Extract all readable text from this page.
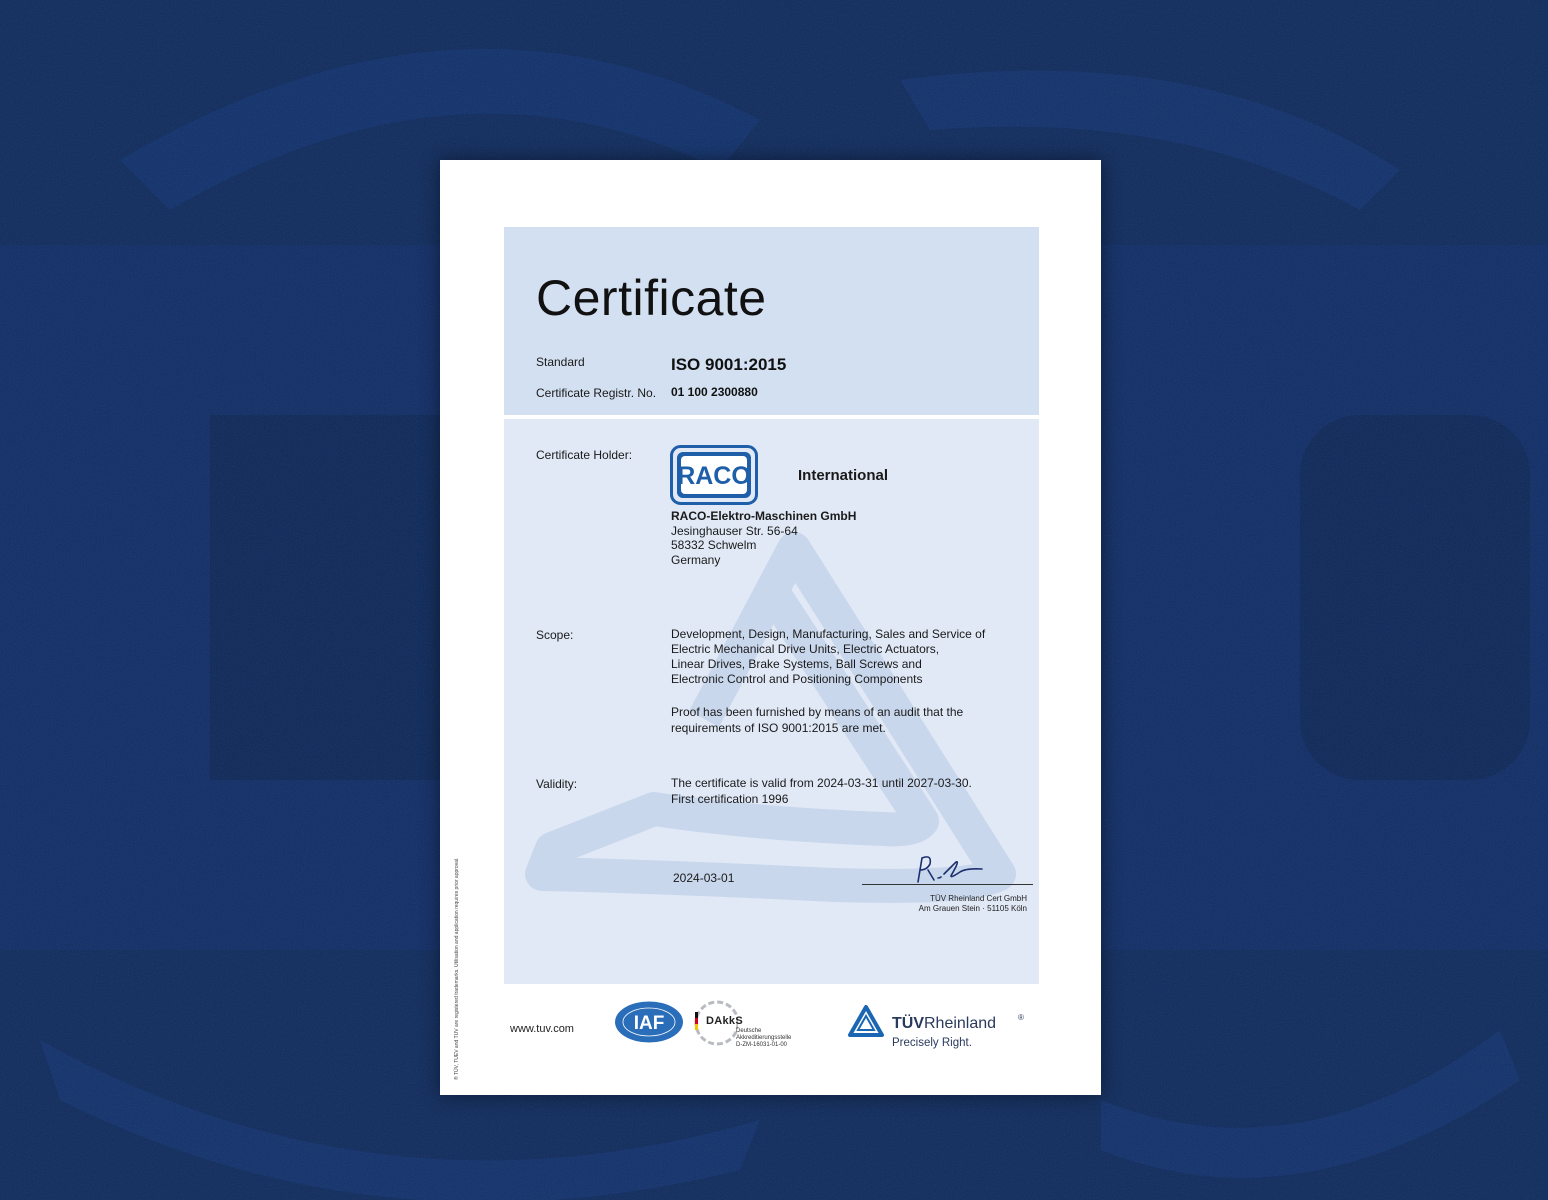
Certificate
Standard	ISO 9001:2015
Certificate Registr. No. 01 100 2300880
Certificate Holder:
RACO	International
RACO-Elektro-Maschinen GmbH
Jesinghauser Str. 56-64
58332 Schwelm
Germany
Scope:	Development, Design, Manufacturing, Sales and Service of
Electric Mechanical Drive Units, Electric Actuators,
Linear Drives, Brake Systems, Ball Screws and
Electronic Control and Positioning Components
Proof has been furnished by means of an audit that the
requirements of ISO 9001:2015 are met.
Validity:	The certificate is valid from 2024-03-31 until 2027-03-30.
First certification 1996
2024-03-01
TÜV Rheinland Cert GmbH
Am Grauen Stein · 51105 Köln
® TÜV, TUEV and TUV are registered trademarks. Utilisation and application requires prior approval.	www.tuv.com	IAF	DAkkS
Deutsche
Akkreditierungsstelle
D-ZM-16031-01-00
TÜVRheinland	®
Precisely Right.
